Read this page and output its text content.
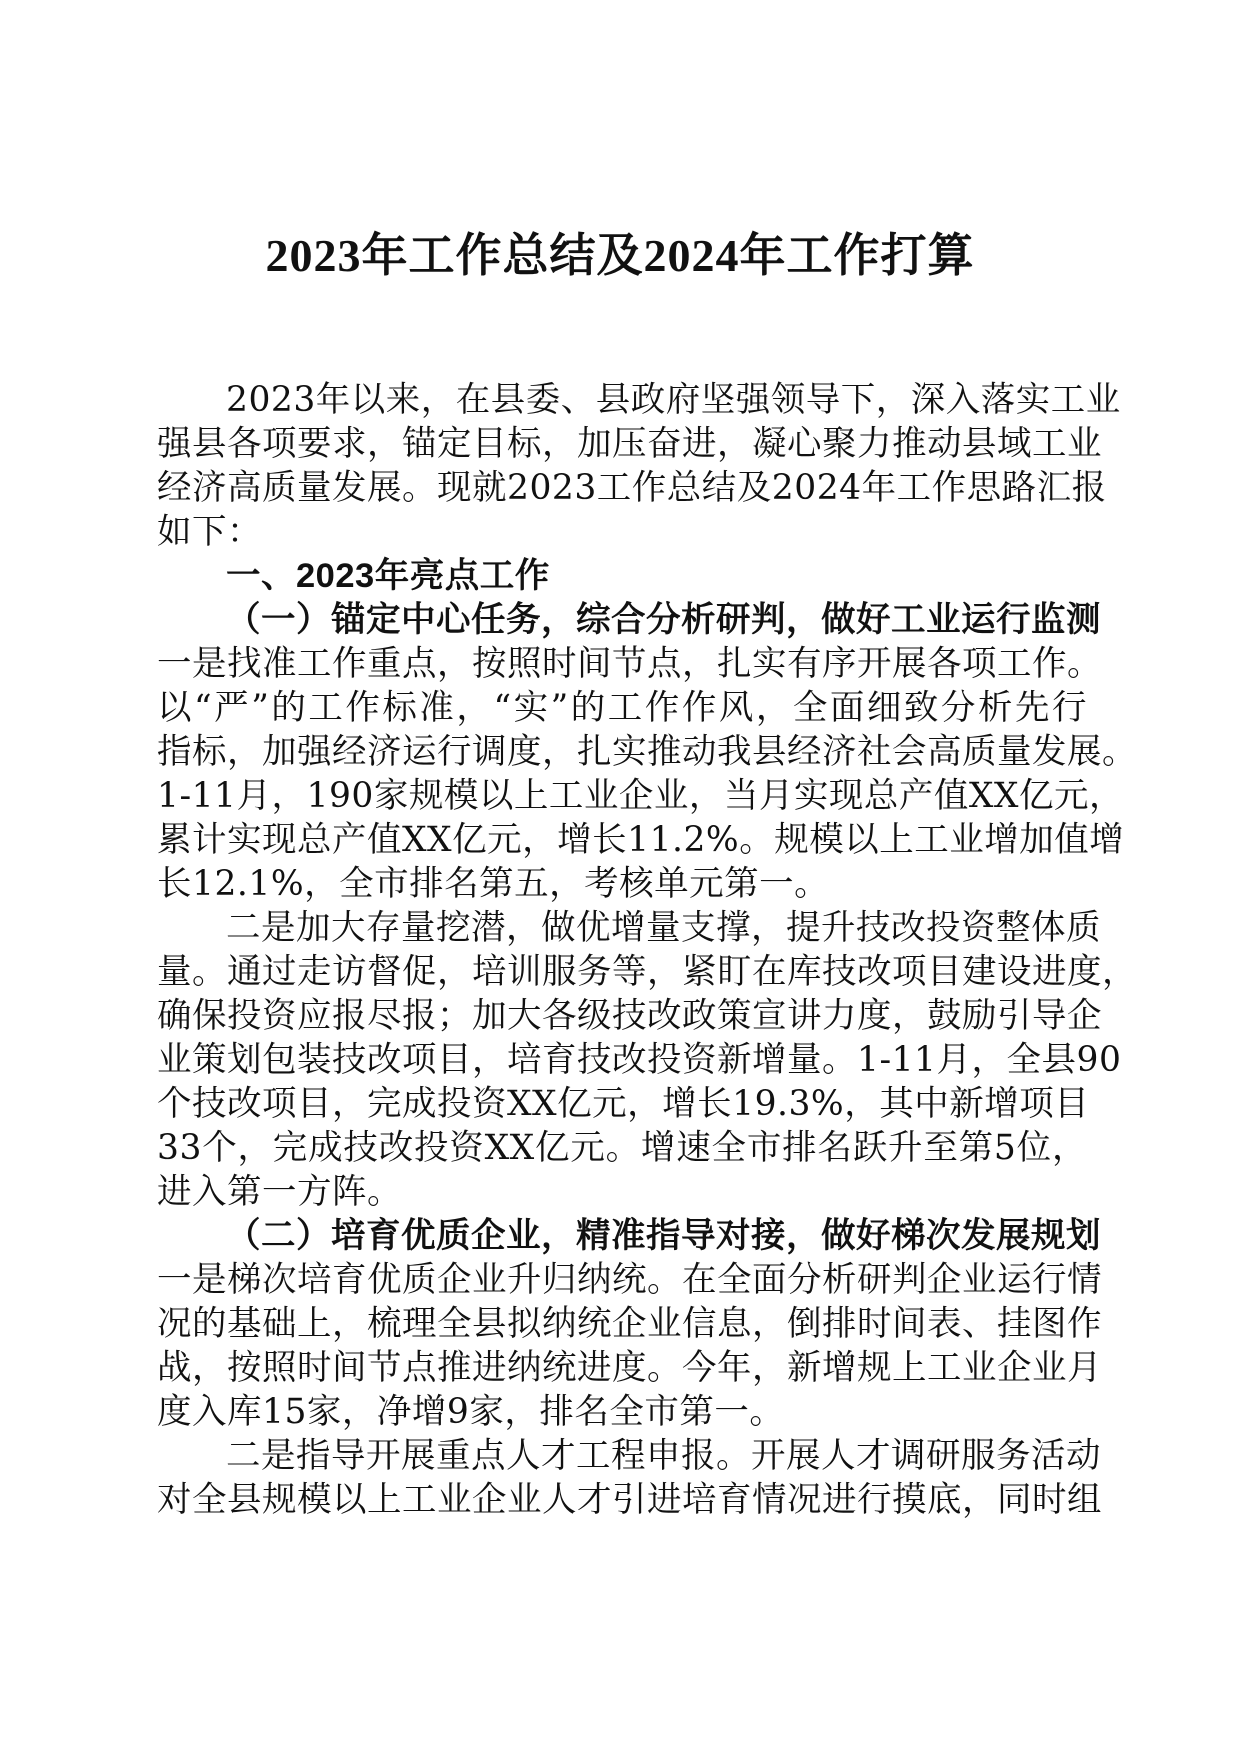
2023年工作总结及2024年工作打算
2023年以来，在县委、县政府坚强领导下，深入落实工业
强县各项要求，锚定目标，加压奋进，凝心聚力推动县域工业
经济高质量发展。现就2023工作总结及2024年工作思路汇报
如下：
一、2023年亮点工作
（一）锚定中心任务，综合分析研判，做好工业运行监测
一是找准工作重点，按照时间节点，扎实有序开展各项工作。
以“严”的工作标准，“实”的工作作风，全面细致分析先行
指标，加强经济运行调度，扎实推动我县经济社会高质量发展。
1-11月，190家规模以上工业企业，当月实现总产值XX亿元，
累计实现总产值XX亿元，增长11.2%。规模以上工业增加值增
长12.1%，全市排名第五，考核单元第一。
二是加大存量挖潜，做优增量支撑，提升技改投资整体质
量。通过走访督促，培训服务等，紧盯在库技改项目建设进度，
确保投资应报尽报；加大各级技改政策宣讲力度，鼓励引导企
业策划包装技改项目，培育技改投资新增量。1-11月，全县90
个技改项目，完成投资XX亿元，增长19.3%，其中新增项目
33个，完成技改投资XX亿元。增速全市排名跃升至第5位，
进入第一方阵。
（二）培育优质企业，精准指导对接，做好梯次发展规划
一是梯次培育优质企业升归纳统。在全面分析研判企业运行情
况的基础上，梳理全县拟纳统企业信息，倒排时间表、挂图作
战，按照时间节点推进纳统进度。今年，新增规上工业企业月
度入库15家，净增9家，排名全市第一。
二是指导开展重点人才工程申报。开展人才调研服务活动
对全县规模以上工业企业人才引进培育情况进行摸底，同时组
